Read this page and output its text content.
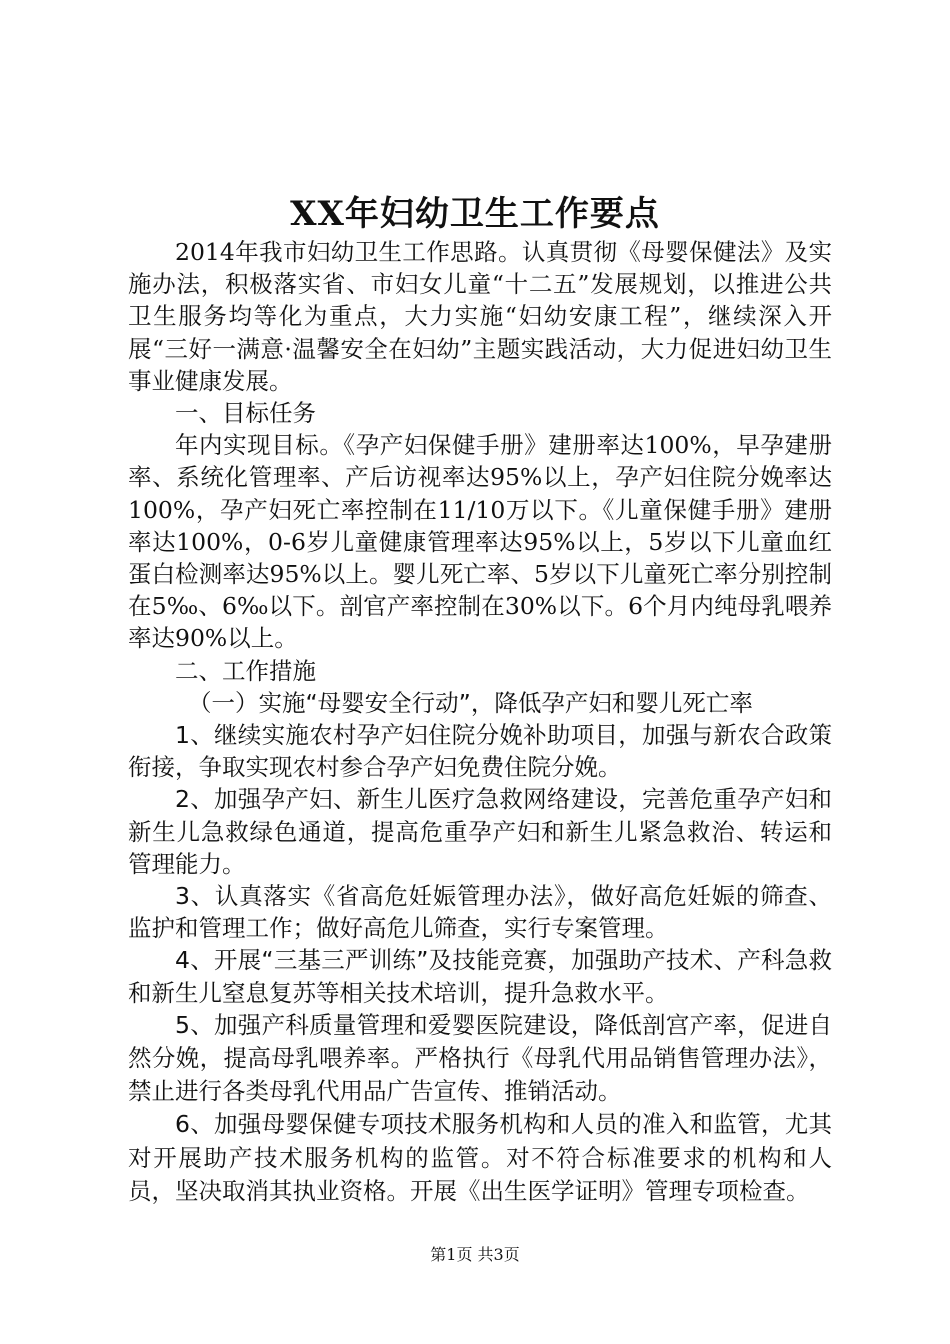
XX年妇幼卫生工作要点

2014年我市妇幼卫生工作思路。认真贯彻《母婴保健法》及实施办法，积极落实省、市妇女儿童“十二五”发展规划，以推进公共卫生服务均等化为重点，大力实施“妇幼安康工程”，继续深入开展“三好一满意·温馨安全在妇幼”主题实践活动，大力促进妇幼卫生事业健康发展。

一、目标任务

年内实现目标。《孕产妇保健手册》建册率达100%，早孕建册率、系统化管理率、产后访视率达95%以上，孕产妇住院分娩率达100%，孕产妇死亡率控制在11/10万以下。《儿童保健手册》建册率达100%，0-6岁儿童健康管理率达95%以上，5岁以下儿童血红蛋白检测率达95%以上。婴儿死亡率、5岁以下儿童死亡率分别控制在5‰、6‰以下。剖官产率控制在30%以下。6个月内纯母乳喂养率达90%以上。

二、工作措施

（一）实施“母婴安全行动”，降低孕产妇和婴儿死亡率

1、继续实施农村孕产妇住院分娩补助项目，加强与新农合政策衔接，争取实现农村参合孕产妇免费住院分娩。

2、加强孕产妇、新生儿医疗急救网络建设，完善危重孕产妇和新生儿急救绿色通道，提高危重孕产妇和新生儿紧急救治、转运和管理能力。

3、认真落实《省高危妊娠管理办法》，做好高危妊娠的筛查、监护和管理工作；做好高危儿筛查，实行专案管理。

4、开展“三基三严训练”及技能竞赛，加强助产技术、产科急救和新生儿窒息复苏等相关技术培训，提升急救水平。

5、加强产科质量管理和爱婴医院建设，降低剖宫产率，促进自然分娩，提高母乳喂养率。严格执行《母乳代用品销售管理办法》，禁止进行各类母乳代用品广告宣传、推销活动。

6、加强母婴保健专项技术服务机构和人员的准入和监管，尤其对开展助产技术服务机构的监管。对不符合标准要求的机构和人员，坚决取消其执业资格。开展《出生医学证明》管理专项检查。

第1页 共3页
